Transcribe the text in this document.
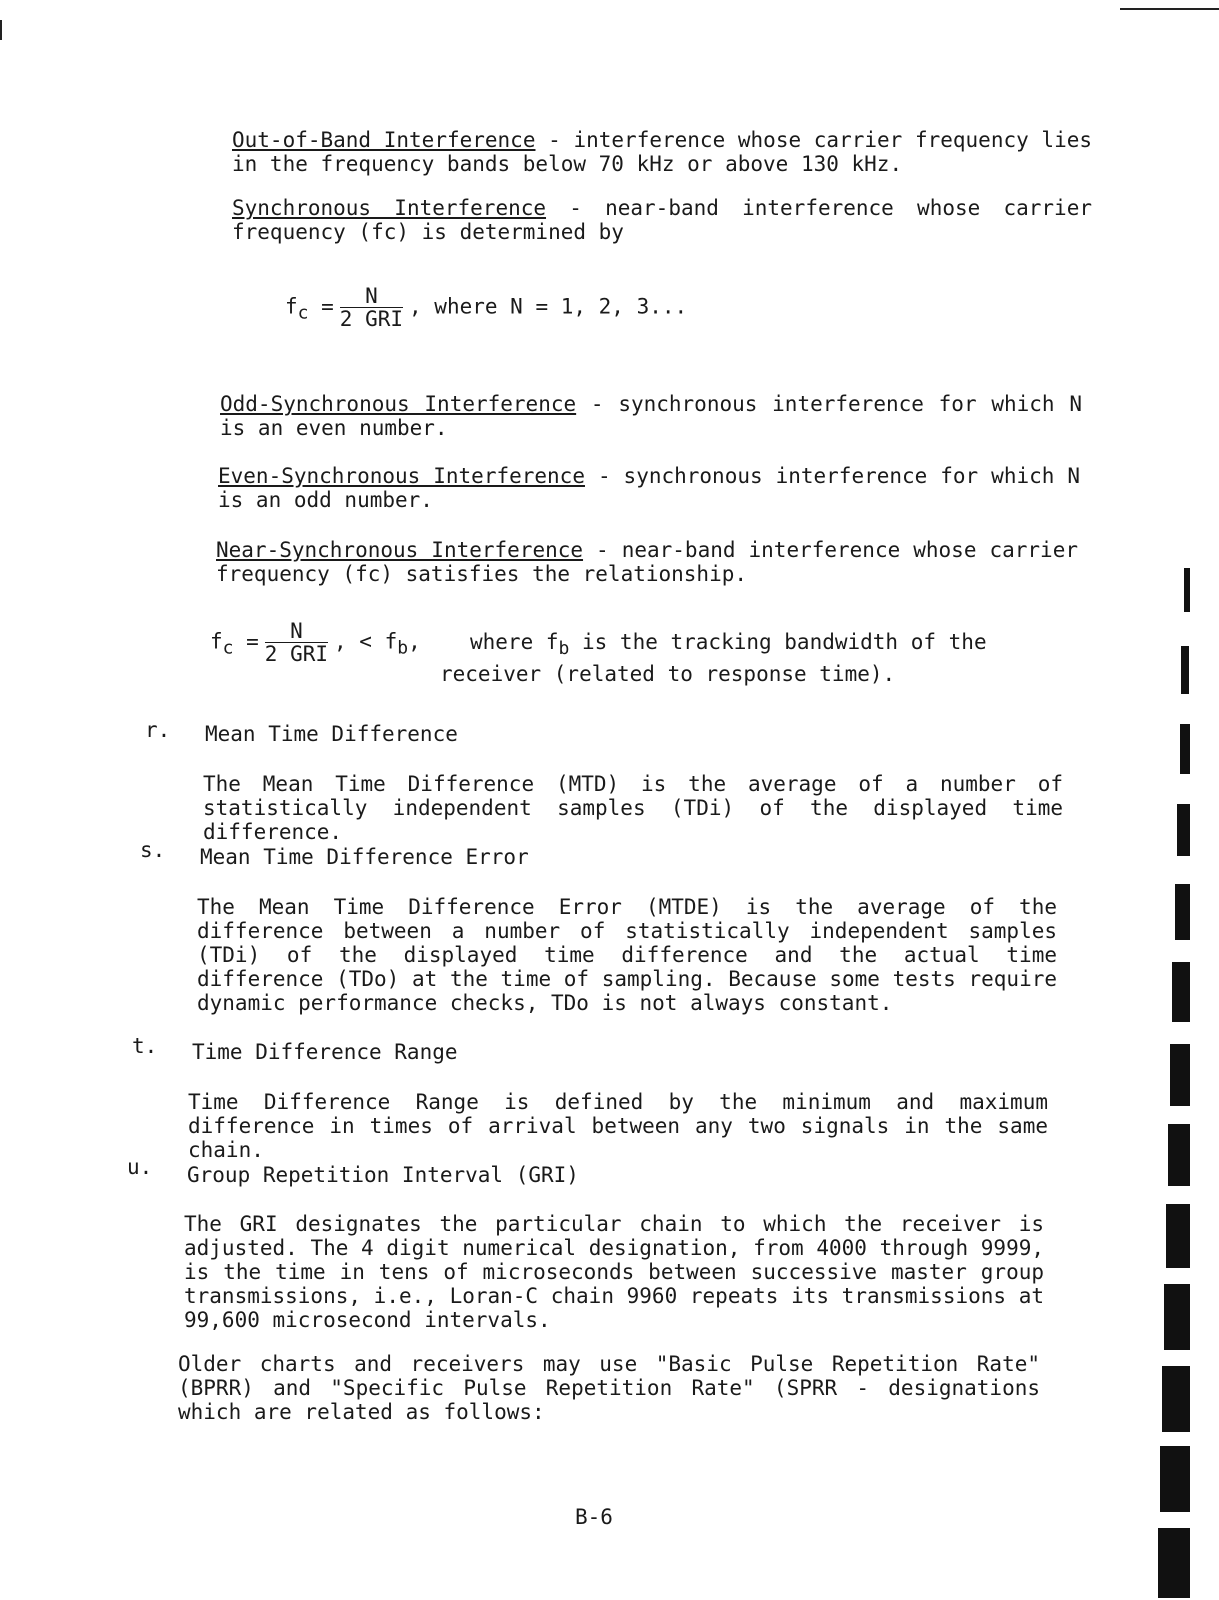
Out-of-Band Interference - interference whose carrier frequency lies in the frequency bands below 70 kHz or above 130 kHz.
Synchronous Interference - near-band interference whose carrier frequency (fc) is determined by
$f_c = \frac{N}{\text{2 GRI}}$ , where N = 1, 2, 3...
Odd-Synchronous Interference - synchronous interference for which N is an even number.
Even-Synchronous Interference - synchronous interference for which N is an odd number.
Near-Synchronous Interference - near-band interference whose carrier frequency (fc) satisfies the relationship.
$f_c = \frac{N}{\text{2 GRI}}$ , < $f_b$, where $f_b$ is the tracking bandwidth of the
receiver (related to response time).
r. Mean Time Difference
The Mean Time Difference (MTD) is the average of a number of statistically independent samples (TDi) of the displayed time difference.
s. Mean Time Difference Error
The Mean Time Difference Error (MTDE) is the average of the difference between a number of statistically independent samples (TDi) of the displayed time difference and the actual time difference (TDo) at the time of sampling. Because some tests require dynamic performance checks, TDo is not always constant.
t. Time Difference Range
Time Difference Range is defined by the minimum and maximum difference in times of arrival between any two signals in the same chain.
u. Group Repetition Interval (GRI)
The GRI designates the particular chain to which the receiver is adjusted. The 4 digit numerical designation, from 4000 through 9999, is the time in tens of microseconds between successive master group transmissions, i.e., Loran-C chain 9960 repeats its transmissions at 99,600 microsecond intervals.
Older charts and receivers may use "Basic Pulse Repetition Rate" (BPRR) and "Specific Pulse Repetition Rate" (SPRR - designations which are related as follows:
B-6
